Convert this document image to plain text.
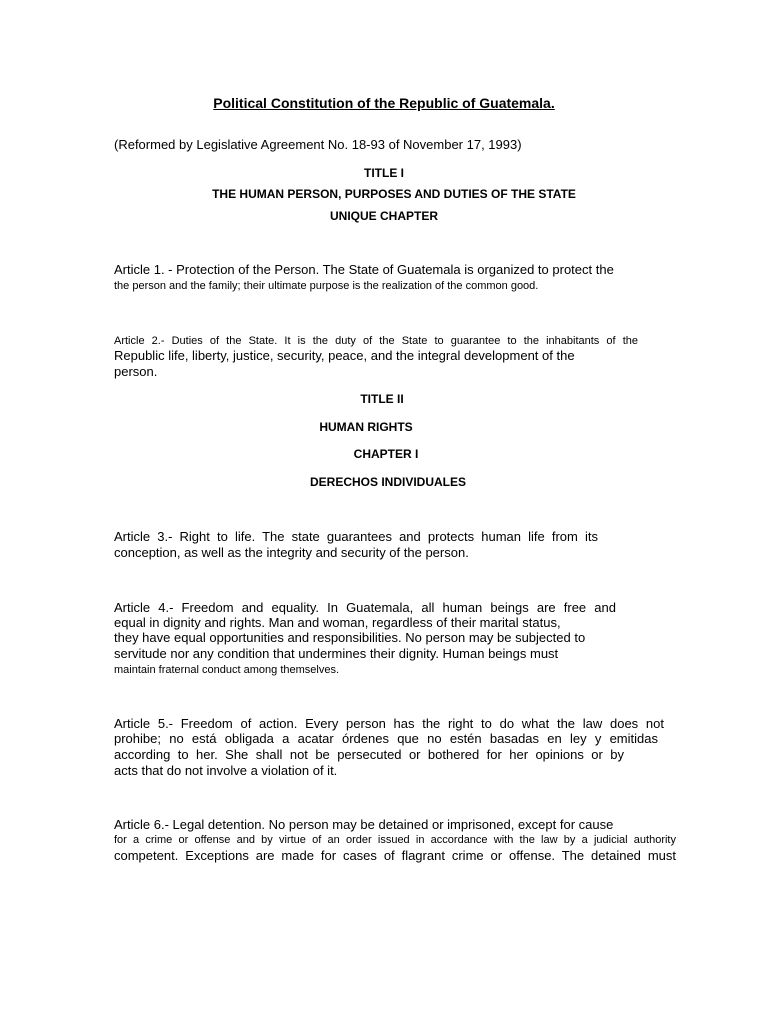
Political Constitution of the Republic of Guatemala.
(Reformed by Legislative Agreement No. 18-93 of November 17, 1993)
TITLE I
THE HUMAN PERSON, PURPOSES AND DUTIES OF THE STATE
UNIQUE CHAPTER
Article 1. - Protection of the Person. The State of Guatemala is organized to protect the
the person and the family; their ultimate purpose is the realization of the common good.
Article 2.- Duties of the State. It is the duty of the State to guarantee to the inhabitants of the
Republic life, liberty, justice, security, peace, and the integral development of the
person.
TITLE II
HUMAN RIGHTS
CHAPTER I
DERECHOS INDIVIDUALES
Article 3.- Right to life. The state guarantees and protects human life from its
conception, as well as the integrity and security of the person.
Article 4.- Freedom and equality. In Guatemala, all human beings are free and
equal in dignity and rights. Man and woman, regardless of their marital status,
they have equal opportunities and responsibilities. No person may be subjected to
servitude nor any condition that undermines their dignity. Human beings must
maintain fraternal conduct among themselves.
Article 5.- Freedom of action. Every person has the right to do what the law does not
prohibe; no está obligada a acatar órdenes que no estén basadas en ley y emitidas
according to her. She shall not be persecuted or bothered for her opinions or by
acts that do not involve a violation of it.
Article 6.- Legal detention. No person may be detained or imprisoned, except for cause
for a crime or offense and by virtue of an order issued in accordance with the law by a judicial authority
competent. Exceptions are made for cases of flagrant crime or offense. The detained must
